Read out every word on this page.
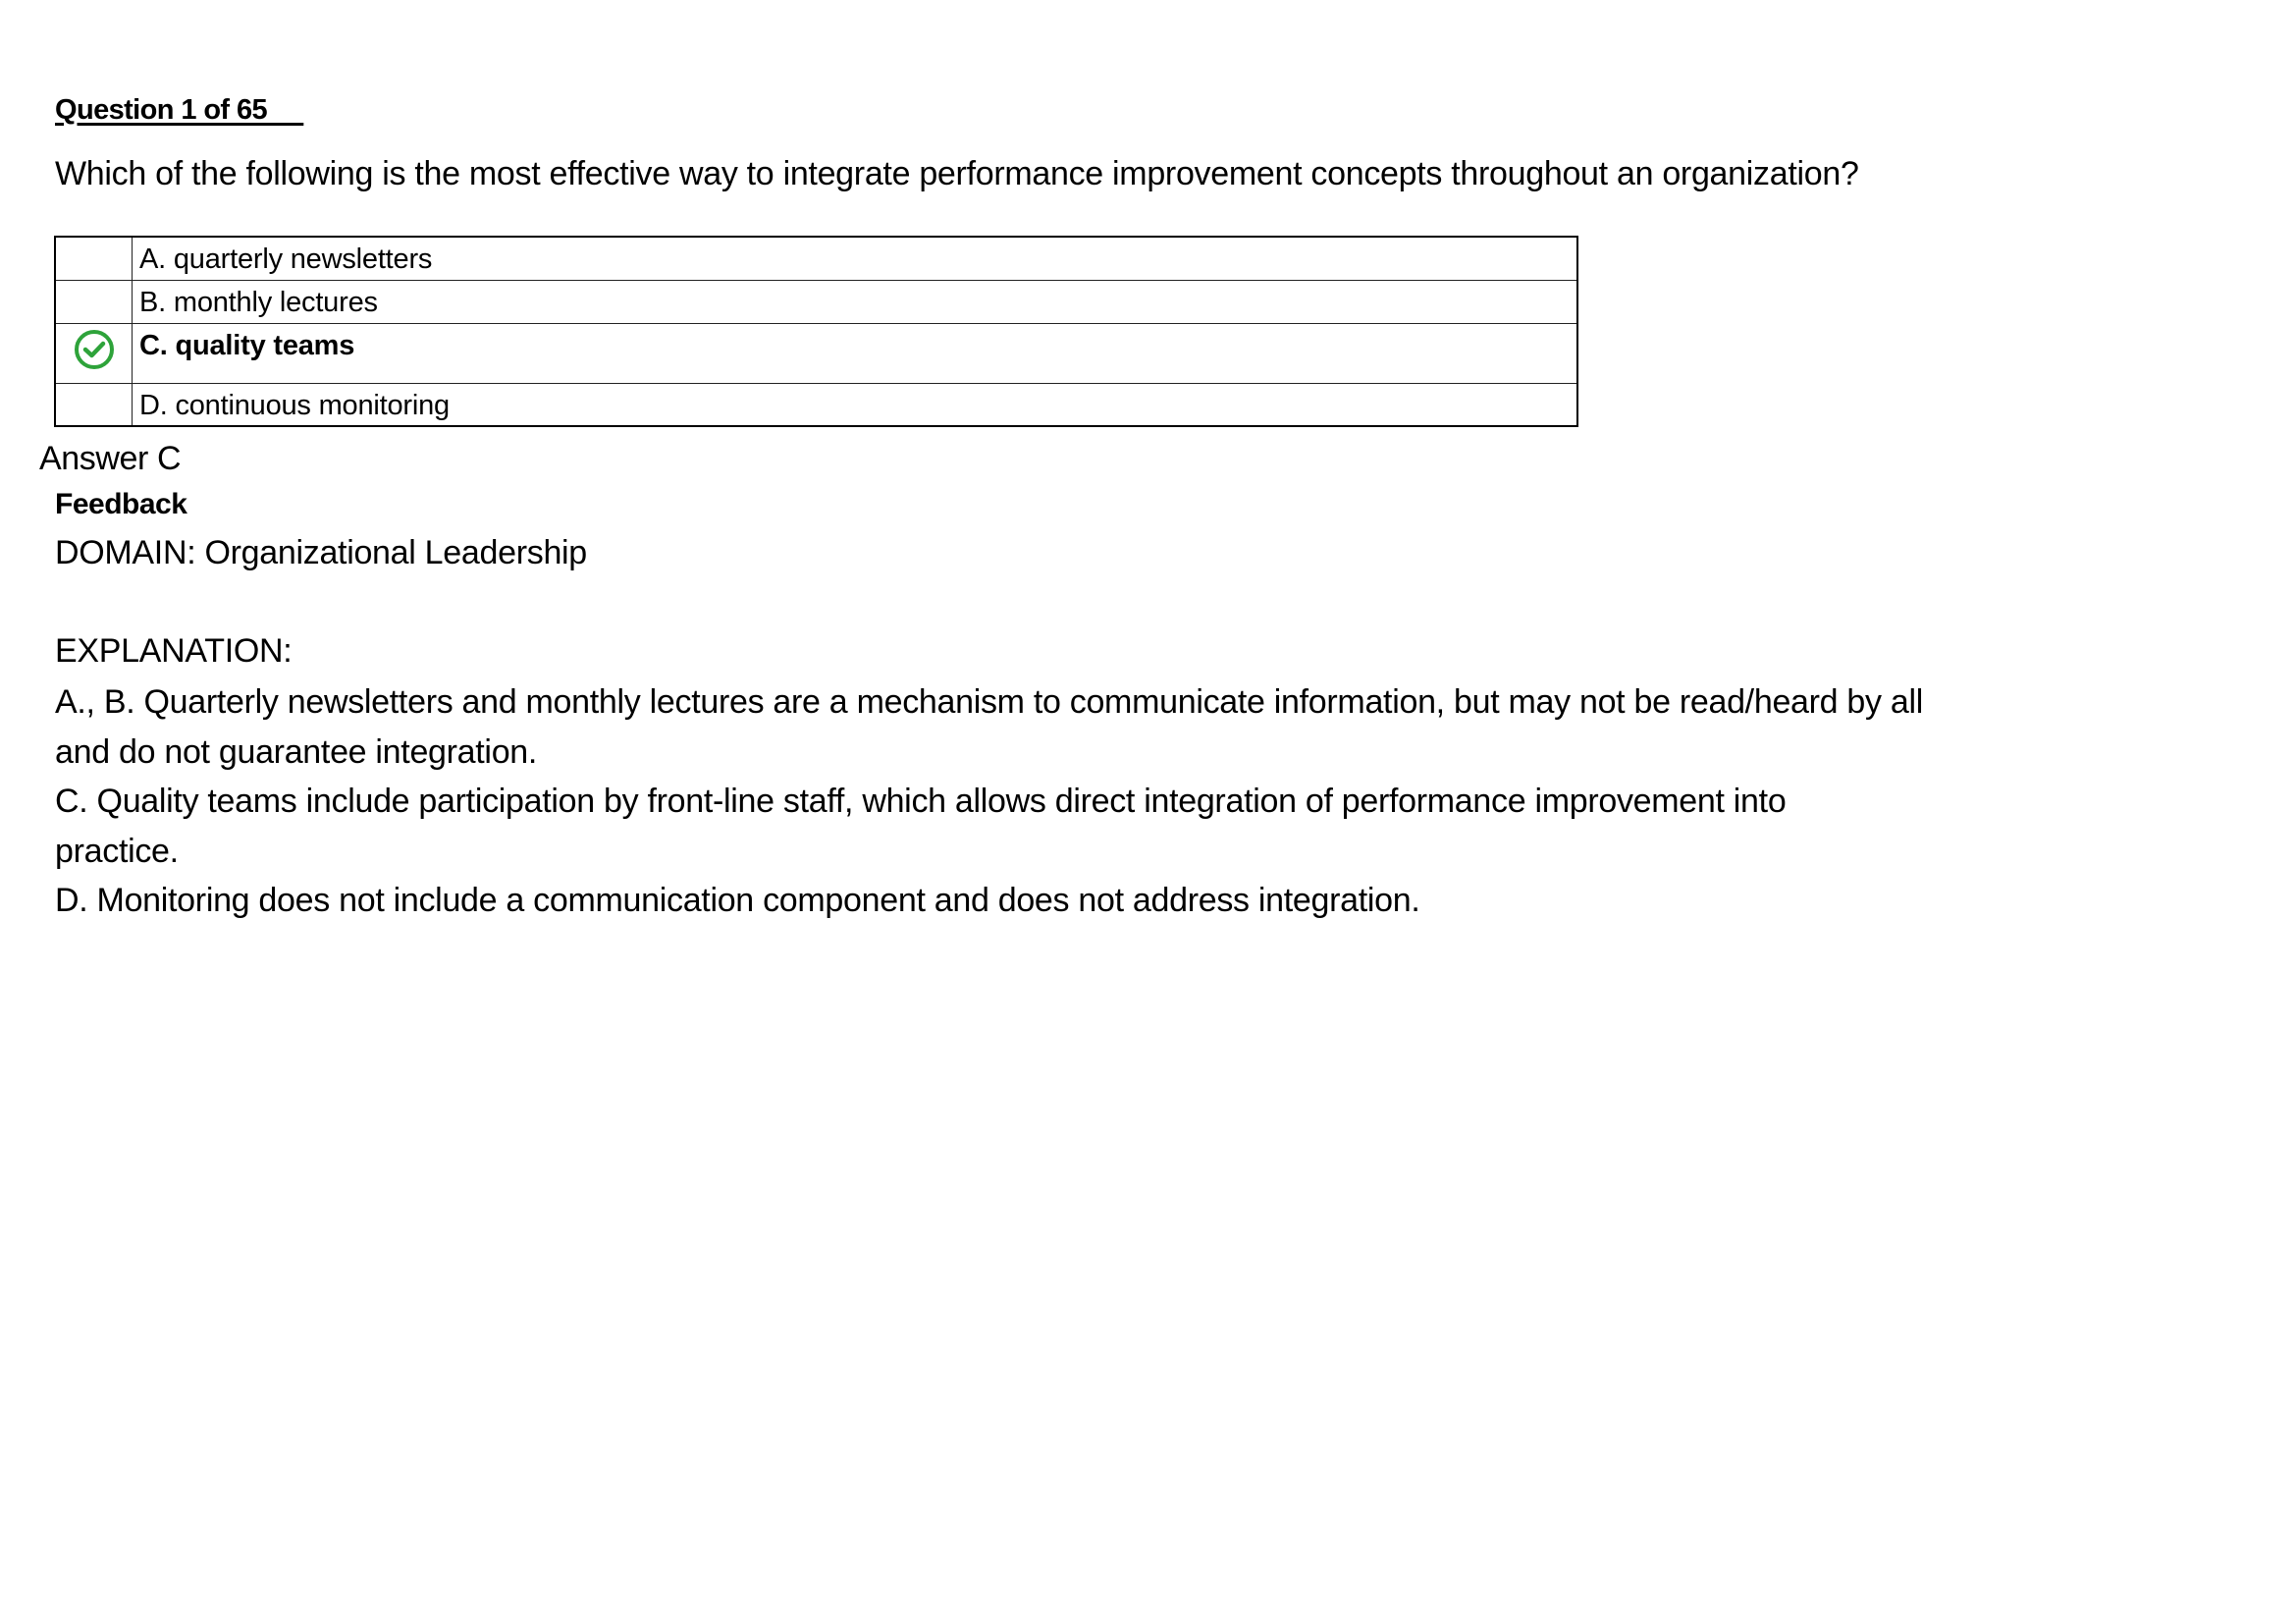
Question 1 of 65
Which of the following is the most effective way to integrate performance improvement concepts throughout an organization?
	A. quarterly newsletters
	B. monthly lectures
	C. quality teams
	D. continuous monitoring
Answer C
Feedback
DOMAIN: Organizational Leadership
EXPLANATION:
A., B. Quarterly newsletters and monthly lectures are a mechanism to communicate information, but may not be read/heard by all
and do not guarantee integration.
C. Quality teams include participation by front-line staff, which allows direct integration of performance improvement into
practice.
D. Monitoring does not include a communication component and does not address integration.
